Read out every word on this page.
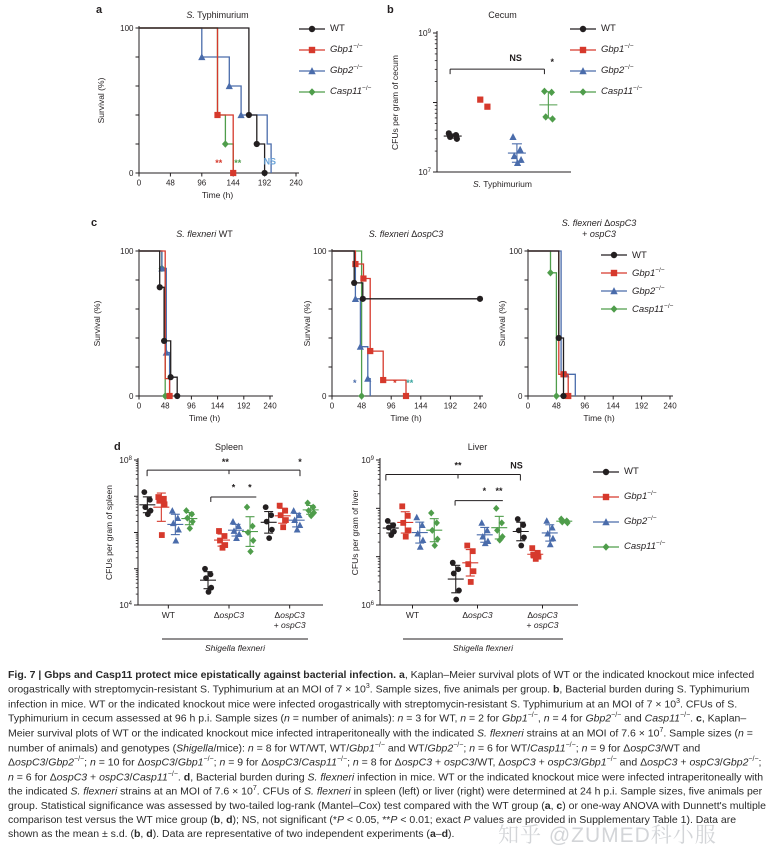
a	b
c
d
0
100
0	48	96	144 192 240
S. Typhimurium
Survival (%)
Time (h)
** ** NS
$10^7$
$10^9$
Cecum
CFUs per gram of cecum
S. Typhimurium
NS	*
0
100
0 48 96 144 192 240
S. flexneri WT
Survival (%)
Time (h)
0
100
0	48	96 144 192 240
S. flexneri ΔospC3
Survival (%)
Time (h)
*	* **
0
100
0	48 96 144 192 240
S. flexneri ΔospC3
+ ospC3
Survival (%)
Time (h)
$10^4$
$10^8$
Spleen
CFUs per gram of spleen
WT	ΔospC3	ΔospC3
+ ospC3
Shigella flexneri
**	*
* *
$10^6$
$10^9$
Liver
CFUs per gram of liver
WT	ΔospC3	ΔospC3
+ ospC3
Shigella flexneri
**	NS
* **
WT
Gbp1−/−
Gbp2−/−
Casp11−/−
WT
Gbp1−/−
Gbp2−/−
Casp11−/−
WT
Gbp1−/−
Gbp2−/−
Casp11−/−
WT
Gbp1−/−
Gbp2−/−
Casp11−/−
Fig. 7 | Gbps and Casp11 protect mice epistatically against bacterial infection. a, Kaplan–Meier survival plots of WT or the indicated knockout mice infected orogastrically with streptomycin-resistant S. Typhimurium at an MOI of $7 \times 10^3$. Sample sizes, five animals per group. b, Bacterial burden during S. Typhimurium infection in mice. WT or the indicated knockout mice were infected orogastrically with streptomycin-resistant S. Typhimurium at an MOI of $7 \times 10^3$. CFUs of S. Typhimurium in cecum assessed at 96 h p.i. Sample sizes (n = number of animals): n = 3 for WT, n = 2 for Gbp1−/−, n = 4 for Gbp2−/− and Casp11−/−. c, Kaplan–Meier survival plots of WT or the indicated knockout mice infected intraperitoneally with the indicated S. flexneri strains at an MOI of $7.6 \times 10^7$. Sample sizes (n = number of animals) and genotypes (Shigella/mice): n = 8 for WT/WT, WT/Gbp1−/− and WT/Gbp2−/−; n = 6 for WT/Casp11−/−; n = 9 for ΔospC3/WT and ΔospC3/Gbp2−/−; n = 10 for ΔospC3/Gbp1−/−; n = 9 for ΔospC3/Casp11−/−; n = 8 for ΔospC3 + ospC3/WT, ΔospC3 + ospC3/Gbp1−/− and ΔospC3 + ospC3/Gbp2−/−; n = 6 for ΔospC3 + ospC3/Casp11−/−. d, Bacterial burden during S. flexneri infection in mice. WT or the indicated knockout mice were infected intraperitoneally with the indicated S. flexneri strains at an MOI of $7.6 \times 10^7$. CFUs of S. flexneri in spleen (left) or liver (right) were determined at 24 h p.i. Sample sizes, five animals per group. Statistical significance was assessed by two-tailed log-rank (Mantel–Cox) test compared with the WT group (a, c) or one-way ANOVA with Dunnett's multiple comparison test versus the WT mice group (b, d); NS, not significant (*P < 0.05, **P < 0.01; exact P values are provided in Supplementary Table 1). Data are shown as the mean ± s.d. (b, d). Data are representative of two independent experiments (a–d).	知乎 @ZUMED科小服
